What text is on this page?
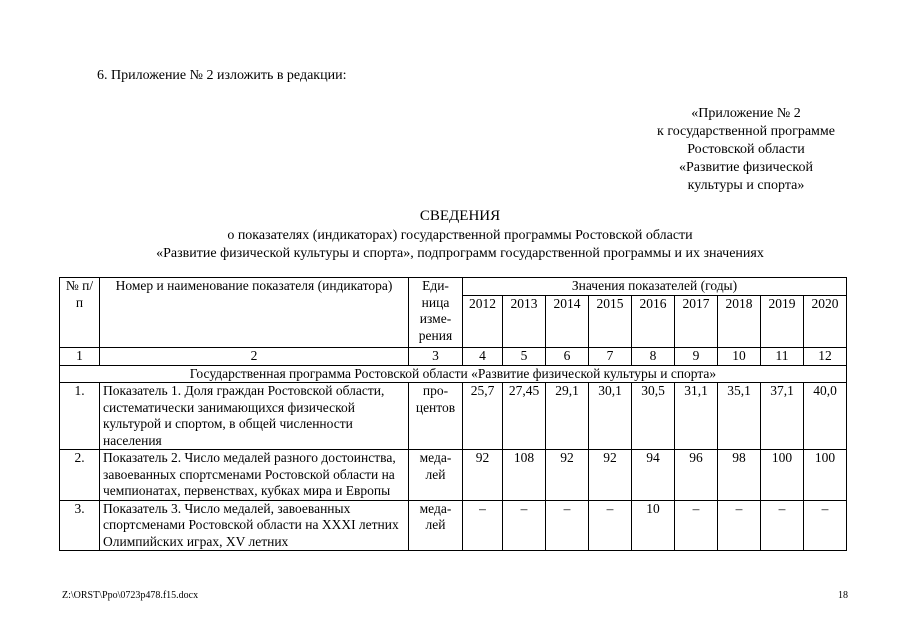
6. Приложение № 2 изложить в редакции:
«Приложение № 2
к государственной программе
Ростовской области
«Развитие физической
культуры и спорта»
СВЕДЕНИЯ
о показателях (индикаторах) государственной программы Ростовской области
«Развитие физической культуры и спорта», подпрограмм государственной программы и их значениях
№ п/п	Номер и наименование показателя (индикатора)	Еди-ница изме-рения	Значения показателей (годы)								
			2012	2013	2014	2015	2016	2017	2018	2019	2020
1	2	3	4	5	6	7	8	9	10	11	12
Государственная программа Ростовской области «Развитие физической культуры и спорта»											
1.	Показатель 1. Доля граждан Ростовской области, систематически занимающихся физической культурой и спортом, в общей численности населения	про-центов	25,7	27,45	29,1	30,1	30,5	31,1	35,1	37,1	40,0
2.	Показатель 2. Число медалей разного достоинства, завоеванных спортсменами Ростовской области на чемпионатах, первенствах, кубках мира и Европы	меда-лей	92	108	92	92	94	96	98	100	100
3.	Показатель 3. Число медалей, завоеванных спортсменами Ростовской области на XXXI летних Олимпийских играх, XV летних	меда-лей	–	–	–	–	10	–	–	–	–
Z:\ORST\Ppo\0723p478.f15.docx	18
